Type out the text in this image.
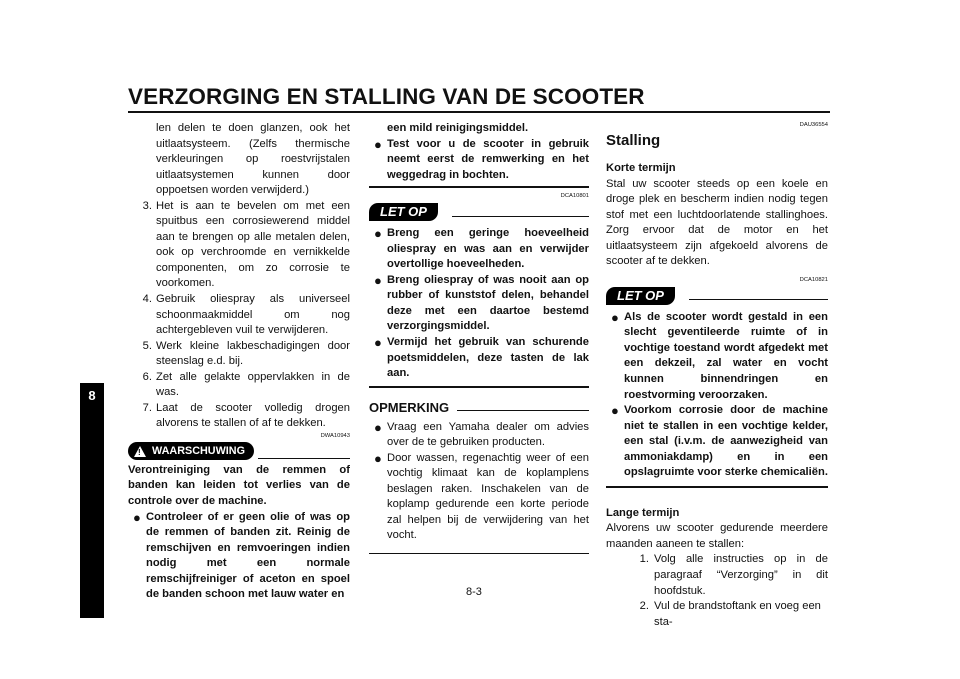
VERZORGING EN STALLING VAN DE SCOOTER
8

len delen te doen glanzen, ook het uitlaatsysteem. (Zelfs thermische verkleuringen op roestvrijstalen uitlaatsystemen kunnen door oppoetsen worden verwijderd.)

3. Het is aan te bevelen om met een spuitbus een corrosiewerend middel aan te brengen op alle metalen delen, ook op verchroomde en vernikkelde componenten, om zo corrosie te voorkomen.
4. Gebruik oliespray als universeel schoonmaakmiddel om nog achtergebleven vuil te verwijderen.
5. Werk kleine lakbeschadigingen door steenslag e.d. bij.
6. Zet alle gelakte oppervlakken in de was.
7. Laat de scooter volledig drogen alvorens te stallen of af te dekken.
DWA10943
! WAARSCHUWING

Verontreiniging van de remmen of banden kan leiden tot verlies van de controle over de machine.

● Controleer of er geen olie of was op de remmen of banden zit. Reinig de remschijven en remvoeringen indien nodig met een normale remschijfreiniger of aceton en spoel de banden schoon met lauw water en

een mild reinigingsmiddel.

● Test voor u de scooter in gebruik neemt eerst de remwerking en het weggedrag in bochten.
DCA10801
LET OP
● Breng een geringe hoeveelheid oliespray en was aan en verwijder overtollige hoeveelheden.
● Breng oliespray of was nooit aan op rubber of kunststof delen, behandel deze met een daartoe bestemd verzorgingsmiddel.
● Vermijd het gebruik van schurende poetsmiddelen, deze tasten de lak aan.
OPMERKING
● Vraag een Yamaha dealer om advies over de te gebruiken producten.
● Door wassen, regenachtig weer of een vochtig klimaat kan de koplamplens beslagen raken. Inschakelen van de koplamp gedurende een korte periode zal helpen bij de verwijdering van het vocht.
DAU36554
Stalling

Korte termijn

Stal uw scooter steeds op een koele en droge plek en bescherm indien nodig tegen stof met een luchtdoorlatende stallinghoes. Zorg ervoor dat de motor en het uitlaatsysteem zijn afgekoeld alvorens de scooter af te dekken.

DCA10821
LET OP
● Als de scooter wordt gestald in een slecht geventileerde ruimte of in vochtige toestand wordt afgedekt met een dekzeil, zal water en vocht kunnen binnendringen en roestvorming veroorzaken.
● Voorkom corrosie door de machine niet te stallen in een vochtige kelder, een stal (i.v.m. de aanwezigheid van ammoniakdamp) en in een opslagruimte voor sterke chemicaliën.

Lange termijn

Alvorens uw scooter gedurende meerdere maanden aaneen te stallen:

1. Volg alle instructies op in de paragraaf “Verzorging” in dit hoofdstuk.
2. Vul de brandstoftank en voeg een sta-
8-3
